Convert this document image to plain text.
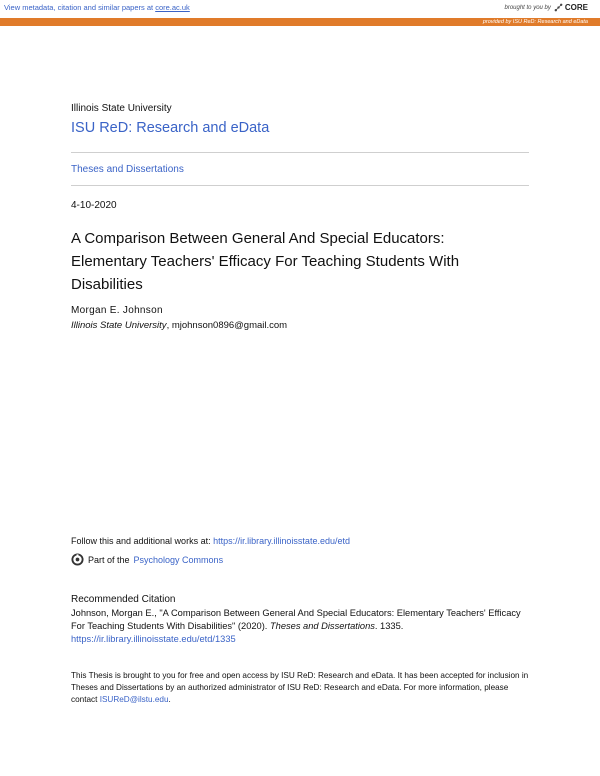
View metadata, citation and similar papers at core.ac.uk	brought to you by CORE
provided by ISU ReD: Research and eData
Illinois State University
ISU ReD: Research and eData
Theses and Dissertations
4-10-2020
A Comparison Between General And Special Educators: Elementary Teachers' Efficacy For Teaching Students With Disabilities
Morgan E. Johnson
Illinois State University, mjohnson0896@gmail.com
Follow this and additional works at: https://ir.library.illinoisstate.edu/etd
Part of the Psychology Commons
Recommended Citation
Johnson, Morgan E., "A Comparison Between General And Special Educators: Elementary Teachers' Efficacy For Teaching Students With Disabilities" (2020). Theses and Dissertations. 1335.
https://ir.library.illinoisstate.edu/etd/1335
This Thesis is brought to you for free and open access by ISU ReD: Research and eData. It has been accepted for inclusion in Theses and Dissertations by an authorized administrator of ISU ReD: Research and eData. For more information, please contact ISUReD@ilstu.edu.
